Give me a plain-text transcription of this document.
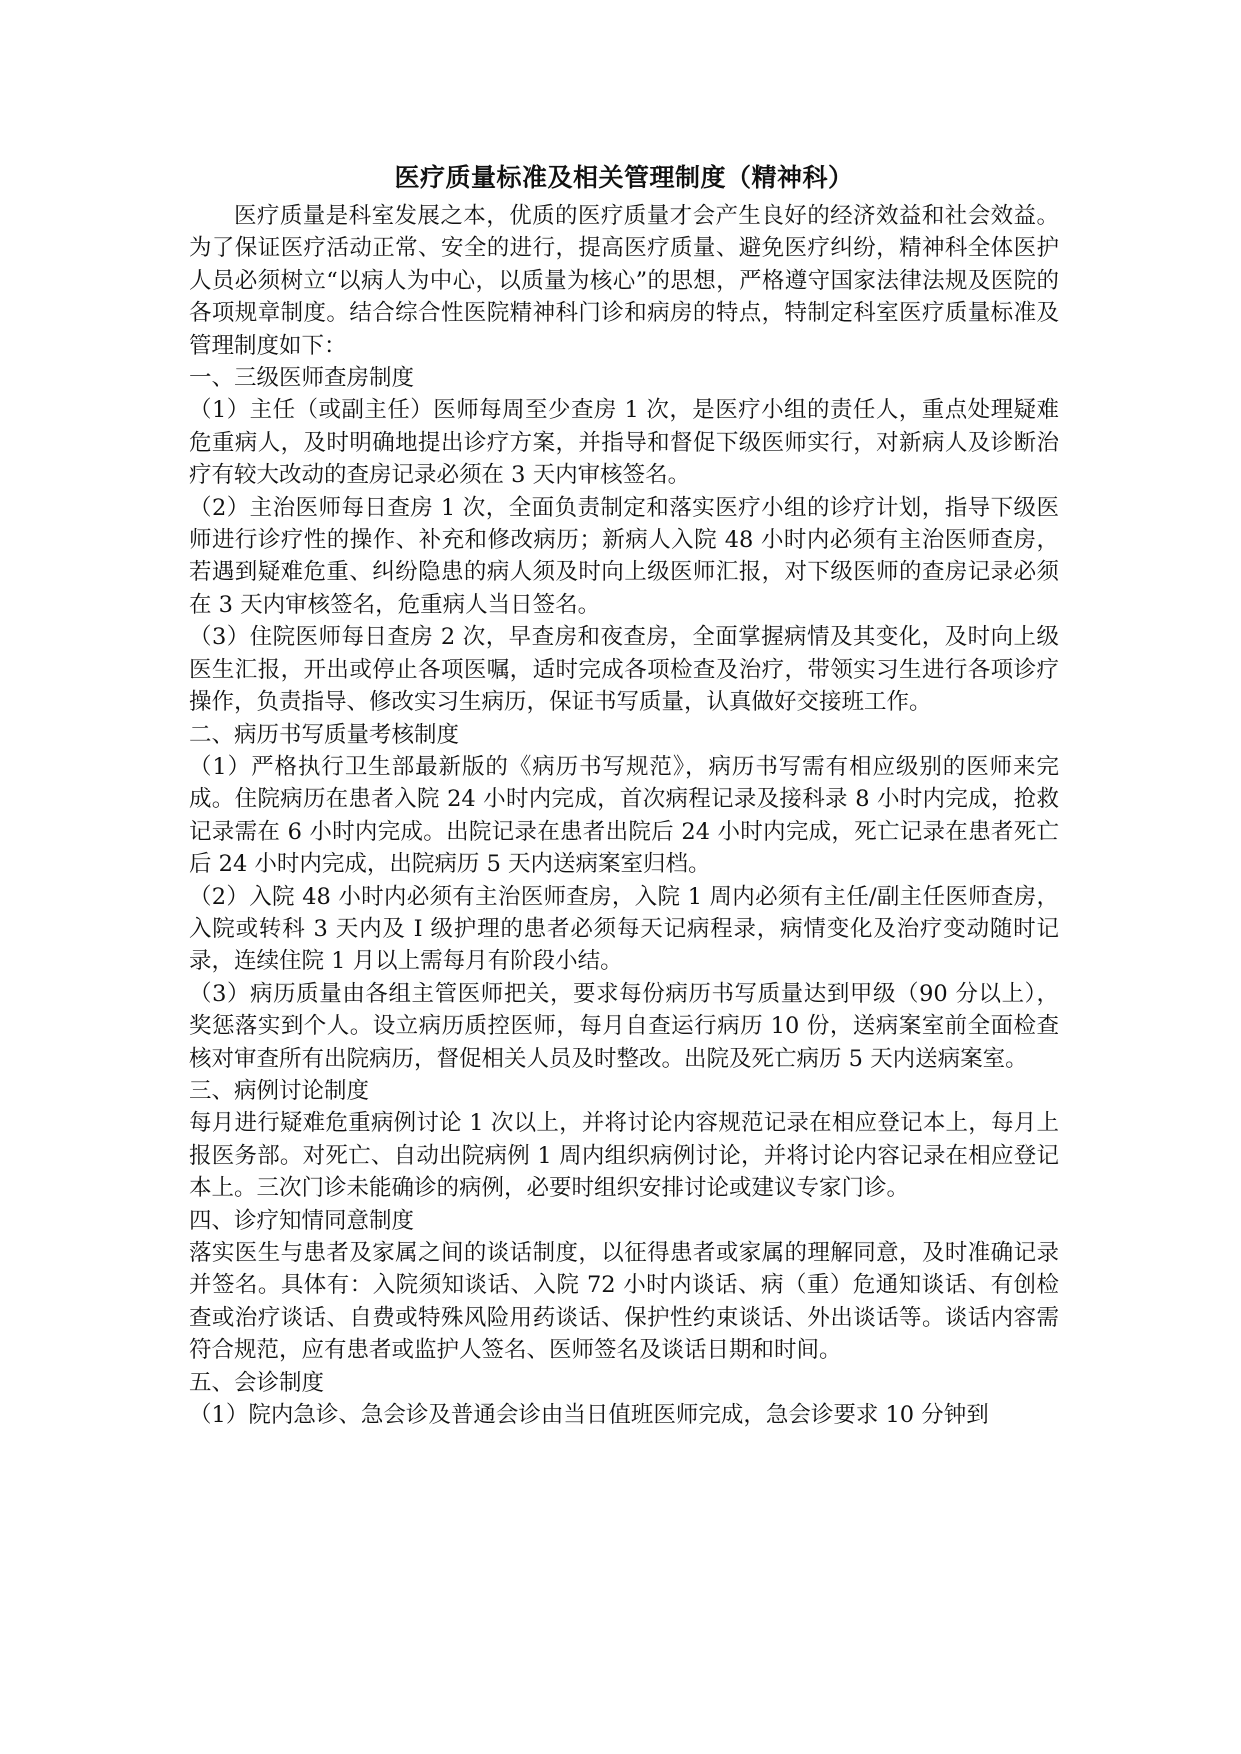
医疗质量标准及相关管理制度（精神科）

医疗质量是科室发展之本，优质的医疗质量才会产生良好的经济效益和社会效益。为了保证医疗活动正常、安全的进行，提高医疗质量、避免医疗纠纷，精神科全体医护人员必须树立“以病人为中心，以质量为核心”的思想，严格遵守国家法律法规及医院的各项规章制度。结合综合性医院精神科门诊和病房的特点，特制定科室医疗质量标准及管理制度如下：

一、三级医师查房制度

（1）主任（或副主任）医师每周至少查房 1 次，是医疗小组的责任人，重点处理疑难危重病人，及时明确地提出诊疗方案，并指导和督促下级医师实行，对新病人及诊断治疗有较大改动的查房记录必须在 3 天内审核签名。

（2）主治医师每日查房 1 次，全面负责制定和落实医疗小组的诊疗计划，指导下级医师进行诊疗性的操作、补充和修改病历；新病人入院 48 小时内必须有主治医师查房，若遇到疑难危重、纠纷隐患的病人须及时向上级医师汇报，对下级医师的查房记录必须在 3 天内审核签名，危重病人当日签名。

（3）住院医师每日查房 2 次，早查房和夜查房，全面掌握病情及其变化，及时向上级医生汇报，开出或停止各项医嘱，适时完成各项检查及治疗，带领实习生进行各项诊疗操作，负责指导、修改实习生病历，保证书写质量，认真做好交接班工作。

二、病历书写质量考核制度

（1）严格执行卫生部最新版的《病历书写规范》，病历书写需有相应级别的医师来完成。住院病历在患者入院 24 小时内完成，首次病程记录及接科录 8 小时内完成，抢救记录需在 6 小时内完成。出院记录在患者出院后 24 小时内完成，死亡记录在患者死亡后 24 小时内完成，出院病历 5 天内送病案室归档。

（2）入院 48 小时内必须有主治医师查房，入院 1 周内必须有主任/副主任医师查房，入院或转科 3 天内及 I 级护理的患者必须每天记病程录，病情变化及治疗变动随时记录，连续住院 1 月以上需每月有阶段小结。

（3）病历质量由各组主管医师把关，要求每份病历书写质量达到甲级（90 分以上），奖惩落实到个人。设立病历质控医师，每月自查运行病历 10 份，送病案室前全面检查核对审查所有出院病历，督促相关人员及时整改。出院及死亡病历 5 天内送病案室。

三、病例讨论制度

每月进行疑难危重病例讨论 1 次以上，并将讨论内容规范记录在相应登记本上，每月上报医务部。对死亡、自动出院病例 1 周内组织病例讨论，并将讨论内容记录在相应登记本上。三次门诊未能确诊的病例，必要时组织安排讨论或建议专家门诊。

四、诊疗知情同意制度

落实医生与患者及家属之间的谈话制度，以征得患者或家属的理解同意，及时准确记录并签名。具体有：入院须知谈话、入院 72 小时内谈话、病（重）危通知谈话、有创检查或治疗谈话、自费或特殊风险用药谈话、保护性约束谈话、外出谈话等。谈话内容需符合规范，应有患者或监护人签名、医师签名及谈话日期和时间。

五、会诊制度

（1）院内急诊、急会诊及普通会诊由当日值班医师完成，急会诊要求 10 分钟到
